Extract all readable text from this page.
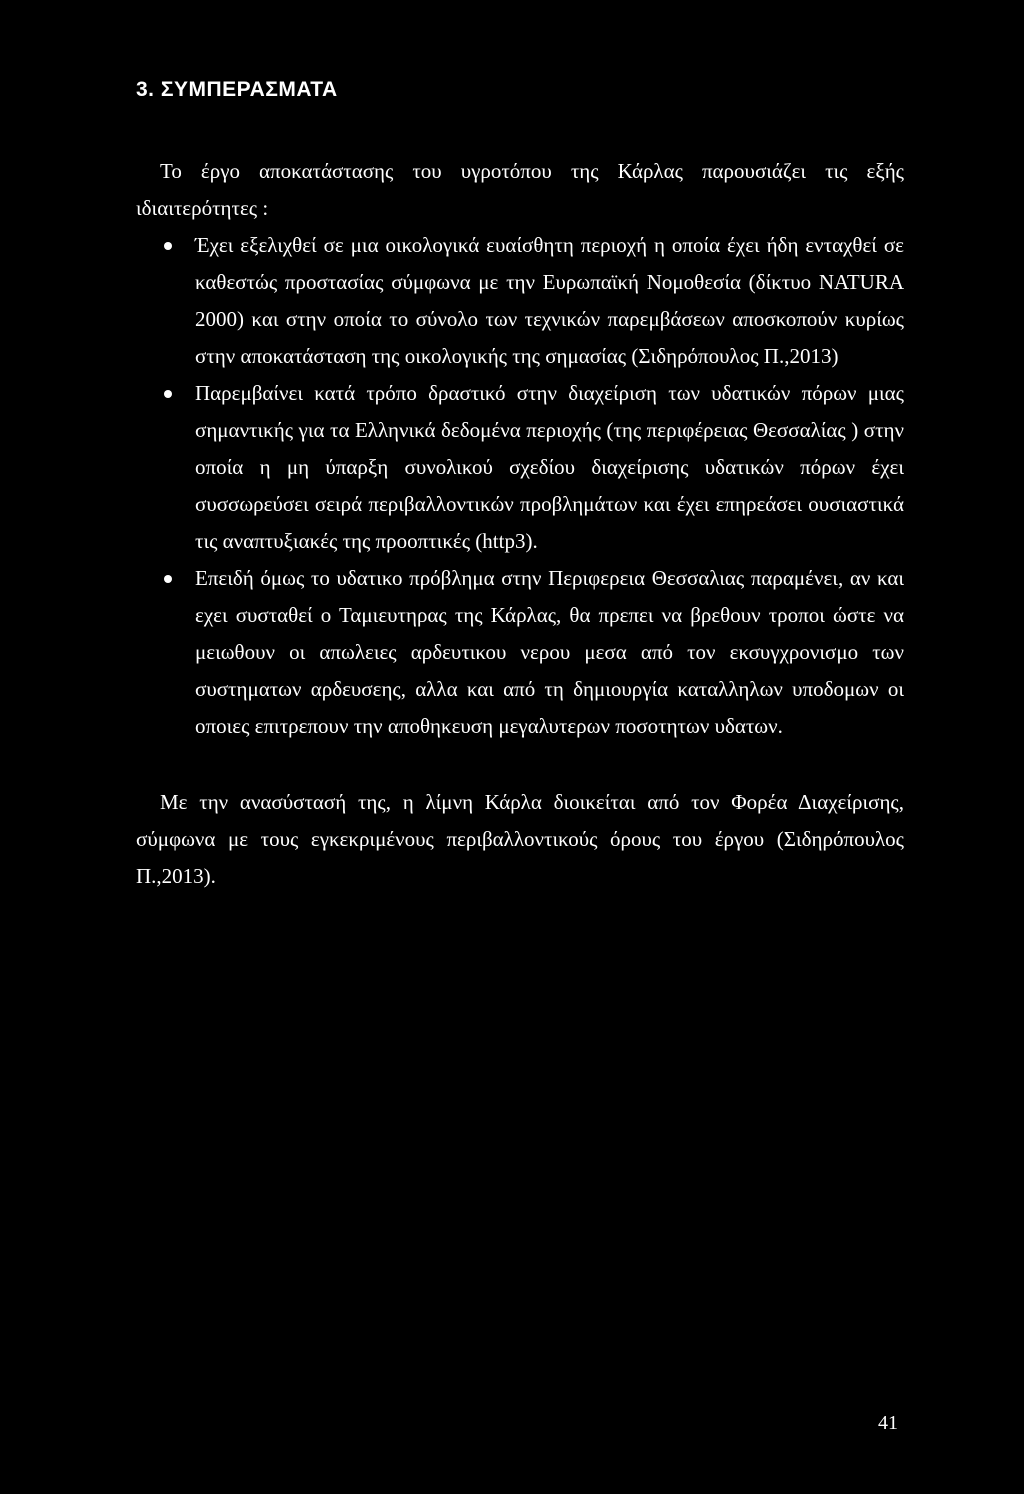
3. ΣΥΜΠΕΡΑΣΜΑΤΑ

Το έργο αποκατάστασης του υγροτόπου της Κάρλας παρουσιάζει τις εξής ιδιαιτερότητες :

Έχει εξελιχθεί σε μια οικολογικά ευαίσθητη περιοχή η οποία έχει ήδη ενταχθεί σε καθεστώς προστασίας σύμφωνα με την Ευρωπαϊκή Νομοθεσία (δίκτυο NATURA 2000) και στην οποία το σύνολο των τεχνικών παρεμβάσεων αποσκοπούν κυρίως στην αποκατάσταση της οικολογικής της σημασίας (Σιδηρόπουλος Π.,2013)
Παρεμβαίνει κατά τρόπο δραστικό στην διαχείριση των υδατικών πόρων μιας σημαντικής για τα Ελληνικά δεδομένα περιοχής (της περιφέρειας Θεσσαλίας ) στην οποία η μη ύπαρξη συνολικού σχεδίου διαχείρισης υδατικών πόρων έχει συσσωρεύσει σειρά περιβαλλοντικών προβλημάτων και έχει επηρεάσει ουσιαστικά τις αναπτυξιακές της προοπτικές (http3).
Επειδή όμως το υδατικο πρόβλημα στην Περιφερεια Θεσσαλιας παραμένει, αν και εχει συσταθεί ο Ταμιευτηρας της Κάρλας, θα πρεπει να βρεθουν τροποι ώστε να μειωθουν οι απωλειες αρδευτικου νερου μεσα από τον εκσυγχρονισμο των συστηματων αρδευσεης, αλλα και από τη δημιουργία καταλληλων υποδομων οι οποιες επιτρεπουν την αποθηκευση μεγαλυτερων ποσοτητων υδατων.

Με την ανασύστασή της, η λίμνη Κάρλα διοικείται από τον Φορέα Διαχείρισης, σύμφωνα με τους εγκεκριμένους περιβαλλοντικούς όρους του έργου (Σιδηρόπουλος Π.,2013).

41
